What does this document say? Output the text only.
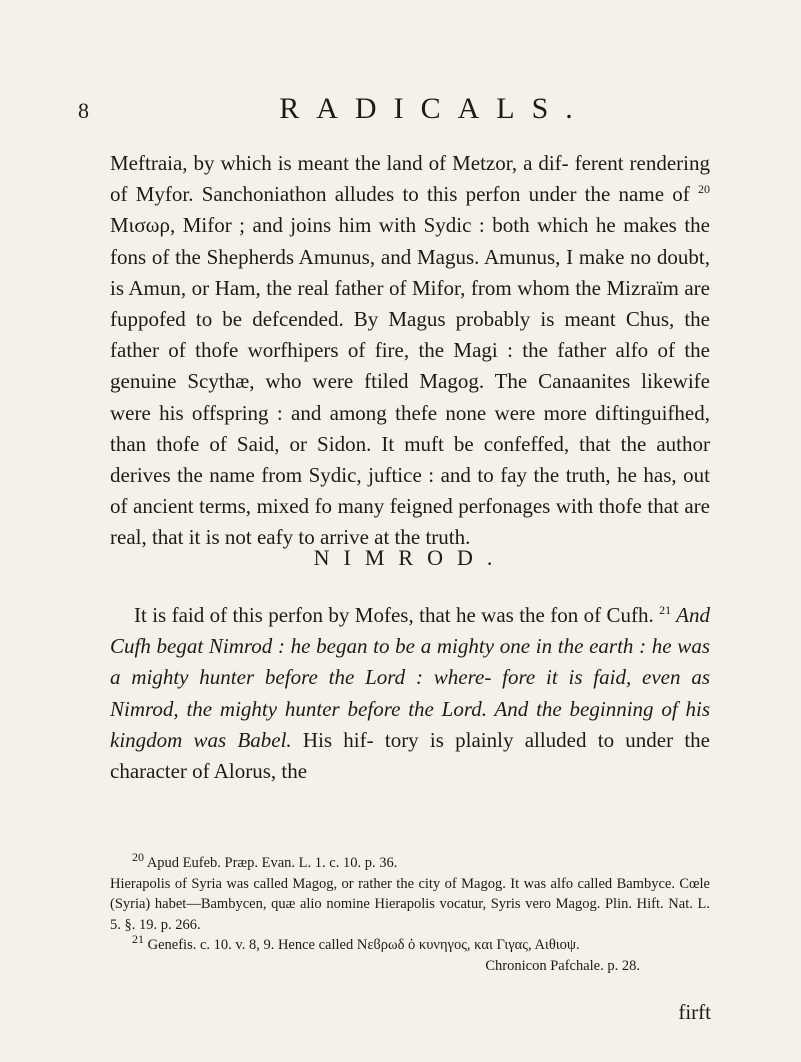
8	RADICALS.

Meftraia, by which is meant the land of Metzor, a dif- ferent rendering of Myfor. Sanchoniathon alludes to this perfon under the name of $^{20}$ Μισωρ, Mifor ; and joins him with Sydic : both which he makes the fons of the Shepherds Amunus, and Magus. Amunus, I make no doubt, is Amun, or Ham, the real father of Mifor, from whom the Mizraïm are fuppofed to be defcended. By Magus probably is meant Chus, the father of thofe worfhipers of fire, the Magi : the father alfo of the genuine Scythæ, who were ftiled Magog. The Canaanites likewife were his offspring : and among thefe none were more diftinguifhed, than thofe of Said, or Sidon. It muft be confeffed, that the author derives the name from Sydic, juftice : and to fay the truth, he has, out of ancient terms, mixed fo many feigned perfonages with thofe that are real, that it is not eafy to arrive at the truth.

NIMROD.

It is faid of this perfon by Mofes, that he was the fon of Cufh. $^{21}$ And Cufh begat Nimrod : he began to be a mighty one in the earth : he was a mighty hunter before the Lord : where- fore it is faid, even as Nimrod, the mighty hunter before the Lord. And the beginning of his kingdom was Babel. His hif- tory is plainly alluded to under the character of Alorus, the

$^{20}$ Apud Eufeb. Præp. Evan. L. 1. c. 10. p. 36.

Hierapolis of Syria was called Magog, or rather the city of Magog. It was alfo called Bambyce. Cœle (Syria) habet—Bambycen, quæ alio nomine Hierapolis vocatur, Syris vero Magog. Plin. Hift. Nat. L. 5. §. 19. p. 266.

$^{21}$ Genefis. c. 10. v. 8, 9. Hence called Νεϐρωδ ὁ κυνηγος, και Γιγας, Αιθιοψ.

Chronicon Pafchale. p. 28.

firft
